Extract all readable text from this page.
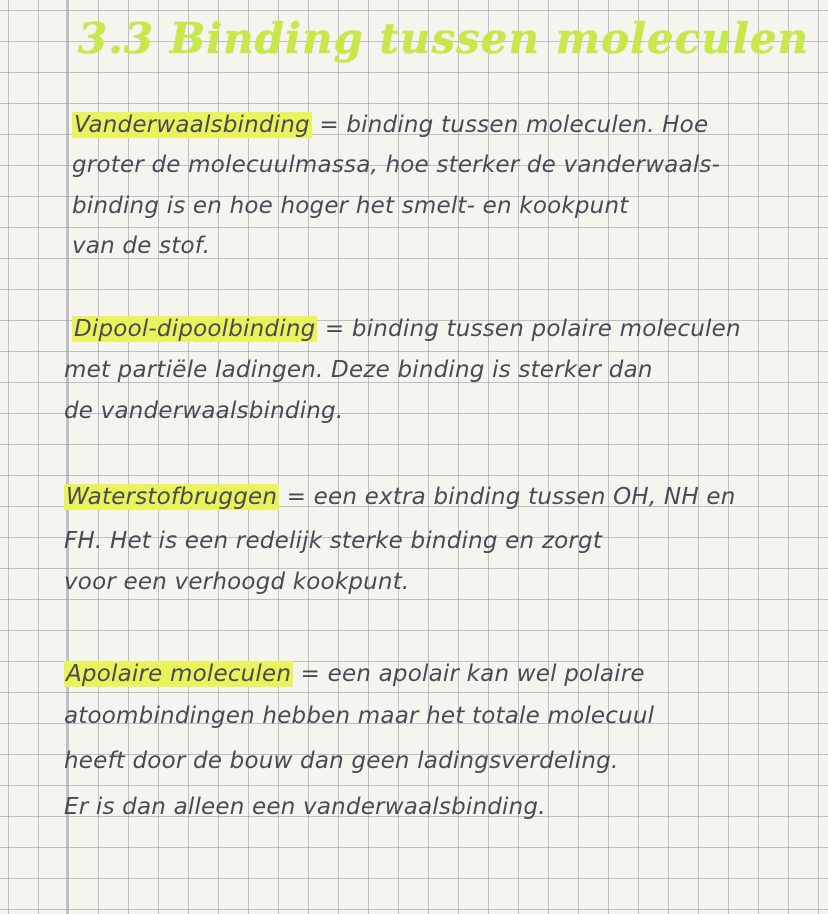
3.3 Binding tussen moleculen
Vanderwaalsbinding = binding tussen moleculen. Hoe
groter de molecuulmassa, hoe sterker de vanderwaals-
binding is en hoe hoger het smelt- en kookpunt
van de stof.
Dipool-dipoolbinding = binding tussen polaire moleculen
met partiële ladingen. Deze binding is sterker dan
de vanderwaalsbinding.
Waterstofbruggen = een extra binding tussen OH, NH en
FH. Het is een redelijk sterke binding en zorgt
voor een verhoogd kookpunt.
Apolaire moleculen = een apolair kan wel polaire
atoombindingen hebben maar het totale molecuul
heeft door de bouw dan geen ladingsverdeling.
Er is dan alleen een vanderwaalsbinding.
